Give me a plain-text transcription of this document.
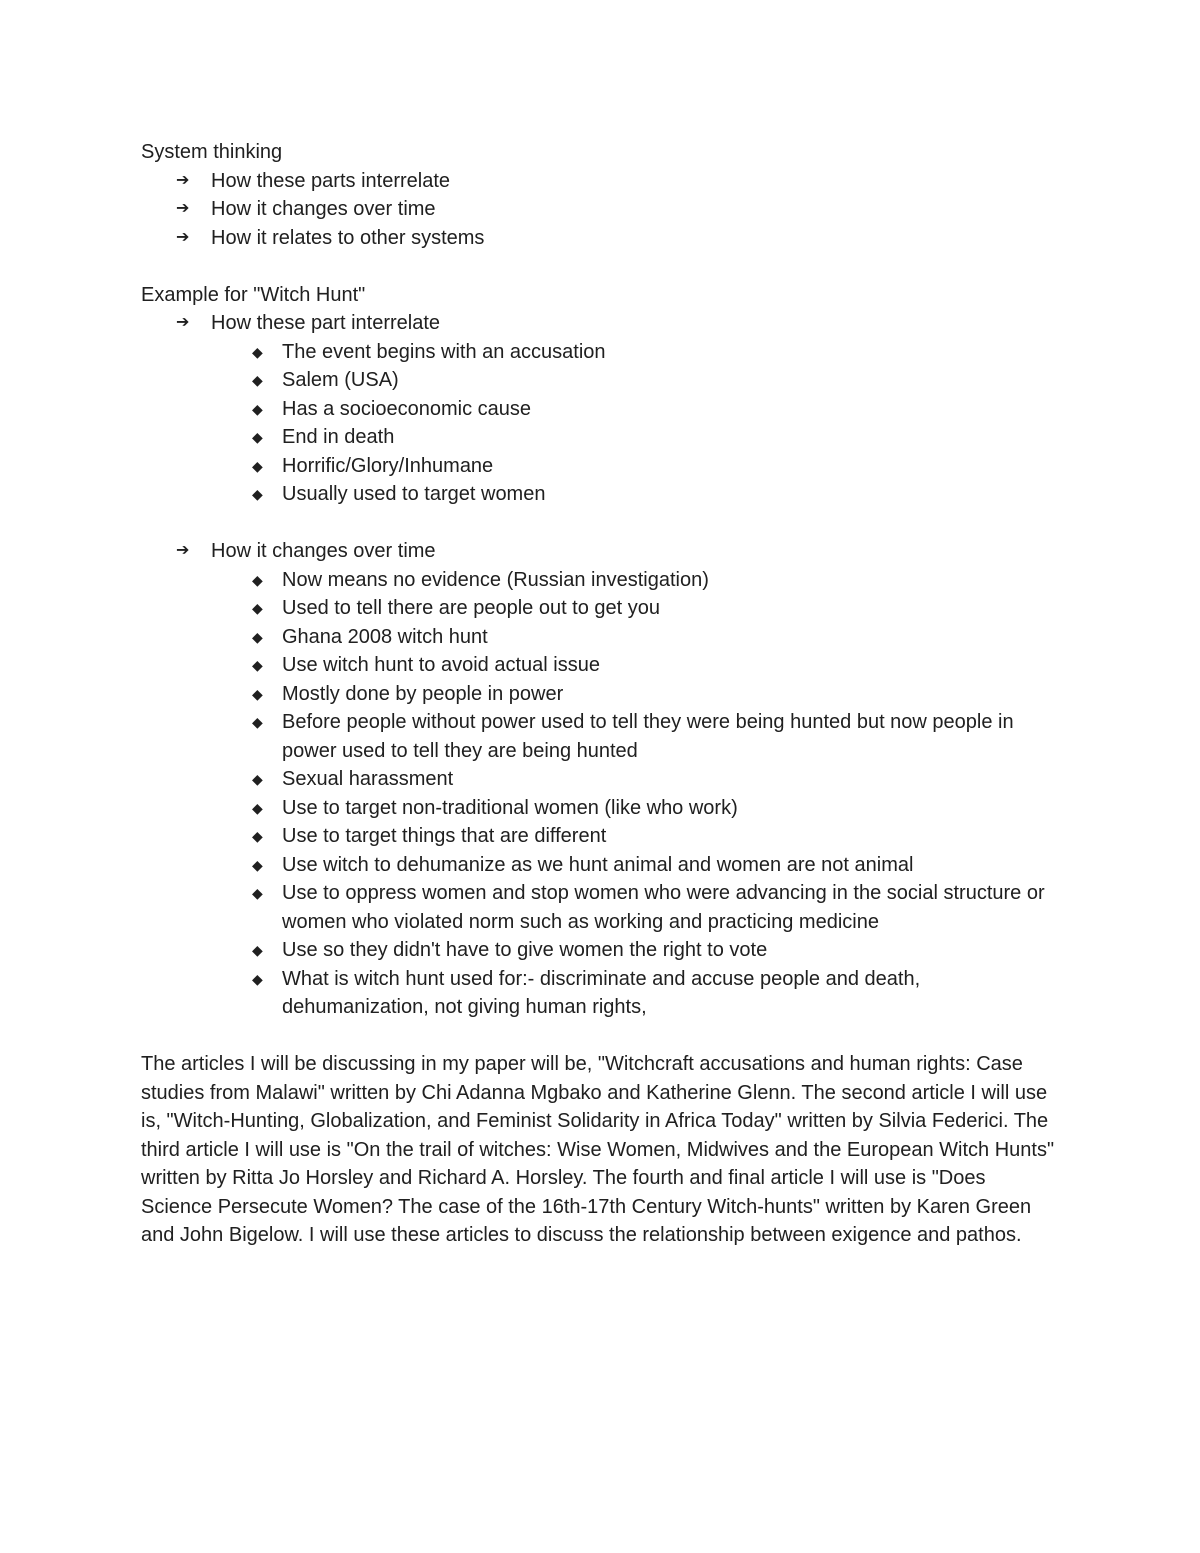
System thinking

➔ How these parts interrelate
➔ How it changes over time
➔ How it relates to other systems

Example for "Witch Hunt"

➔ How these part interrelate
◆ The event begins with an accusation
◆ Salem (USA)
◆ Has a socioeconomic cause
◆ End in death
◆ Horrific/Glory/Inhumane
◆ Usually used to target women
➔ How it changes over time
◆ Now means no evidence (Russian investigation)
◆ Used to tell there are people out to get you
◆ Ghana 2008 witch hunt
◆ Use witch hunt to avoid actual issue
◆ Mostly done by people in power
◆ Before people without power used to tell they were being hunted but now people in power used to tell they are being hunted
◆ Sexual harassment
◆ Use to target non-traditional women (like who work)
◆ Use to target things that are different
◆ Use witch to dehumanize as we hunt animal and women are not animal
◆ Use to oppress women and stop women who were advancing in the social structure or women who violated norm such as working and practicing medicine
◆ Use so they didn't have to give women the right to vote
◆ What is witch hunt used for:- discriminate and accuse people and death, dehumanization, not giving human rights,

The articles I will be discussing in my paper will be, "Witchcraft accusations and human rights: Case studies from Malawi" written by Chi Adanna Mgbako and Katherine Glenn. The second article I will use is, "Witch-Hunting, Globalization, and Feminist Solidarity in Africa Today" written by Silvia Federici. The third article I will use is "On the trail of witches: Wise Women, Midwives and the European Witch Hunts" written by Ritta Jo Horsley and Richard A. Horsley. The fourth and final article I will use is "Does Science Persecute Women? The case of the 16th-17th Century Witch-hunts" written by Karen Green and John Bigelow. I will use these articles to discuss the relationship between exigence and pathos.
